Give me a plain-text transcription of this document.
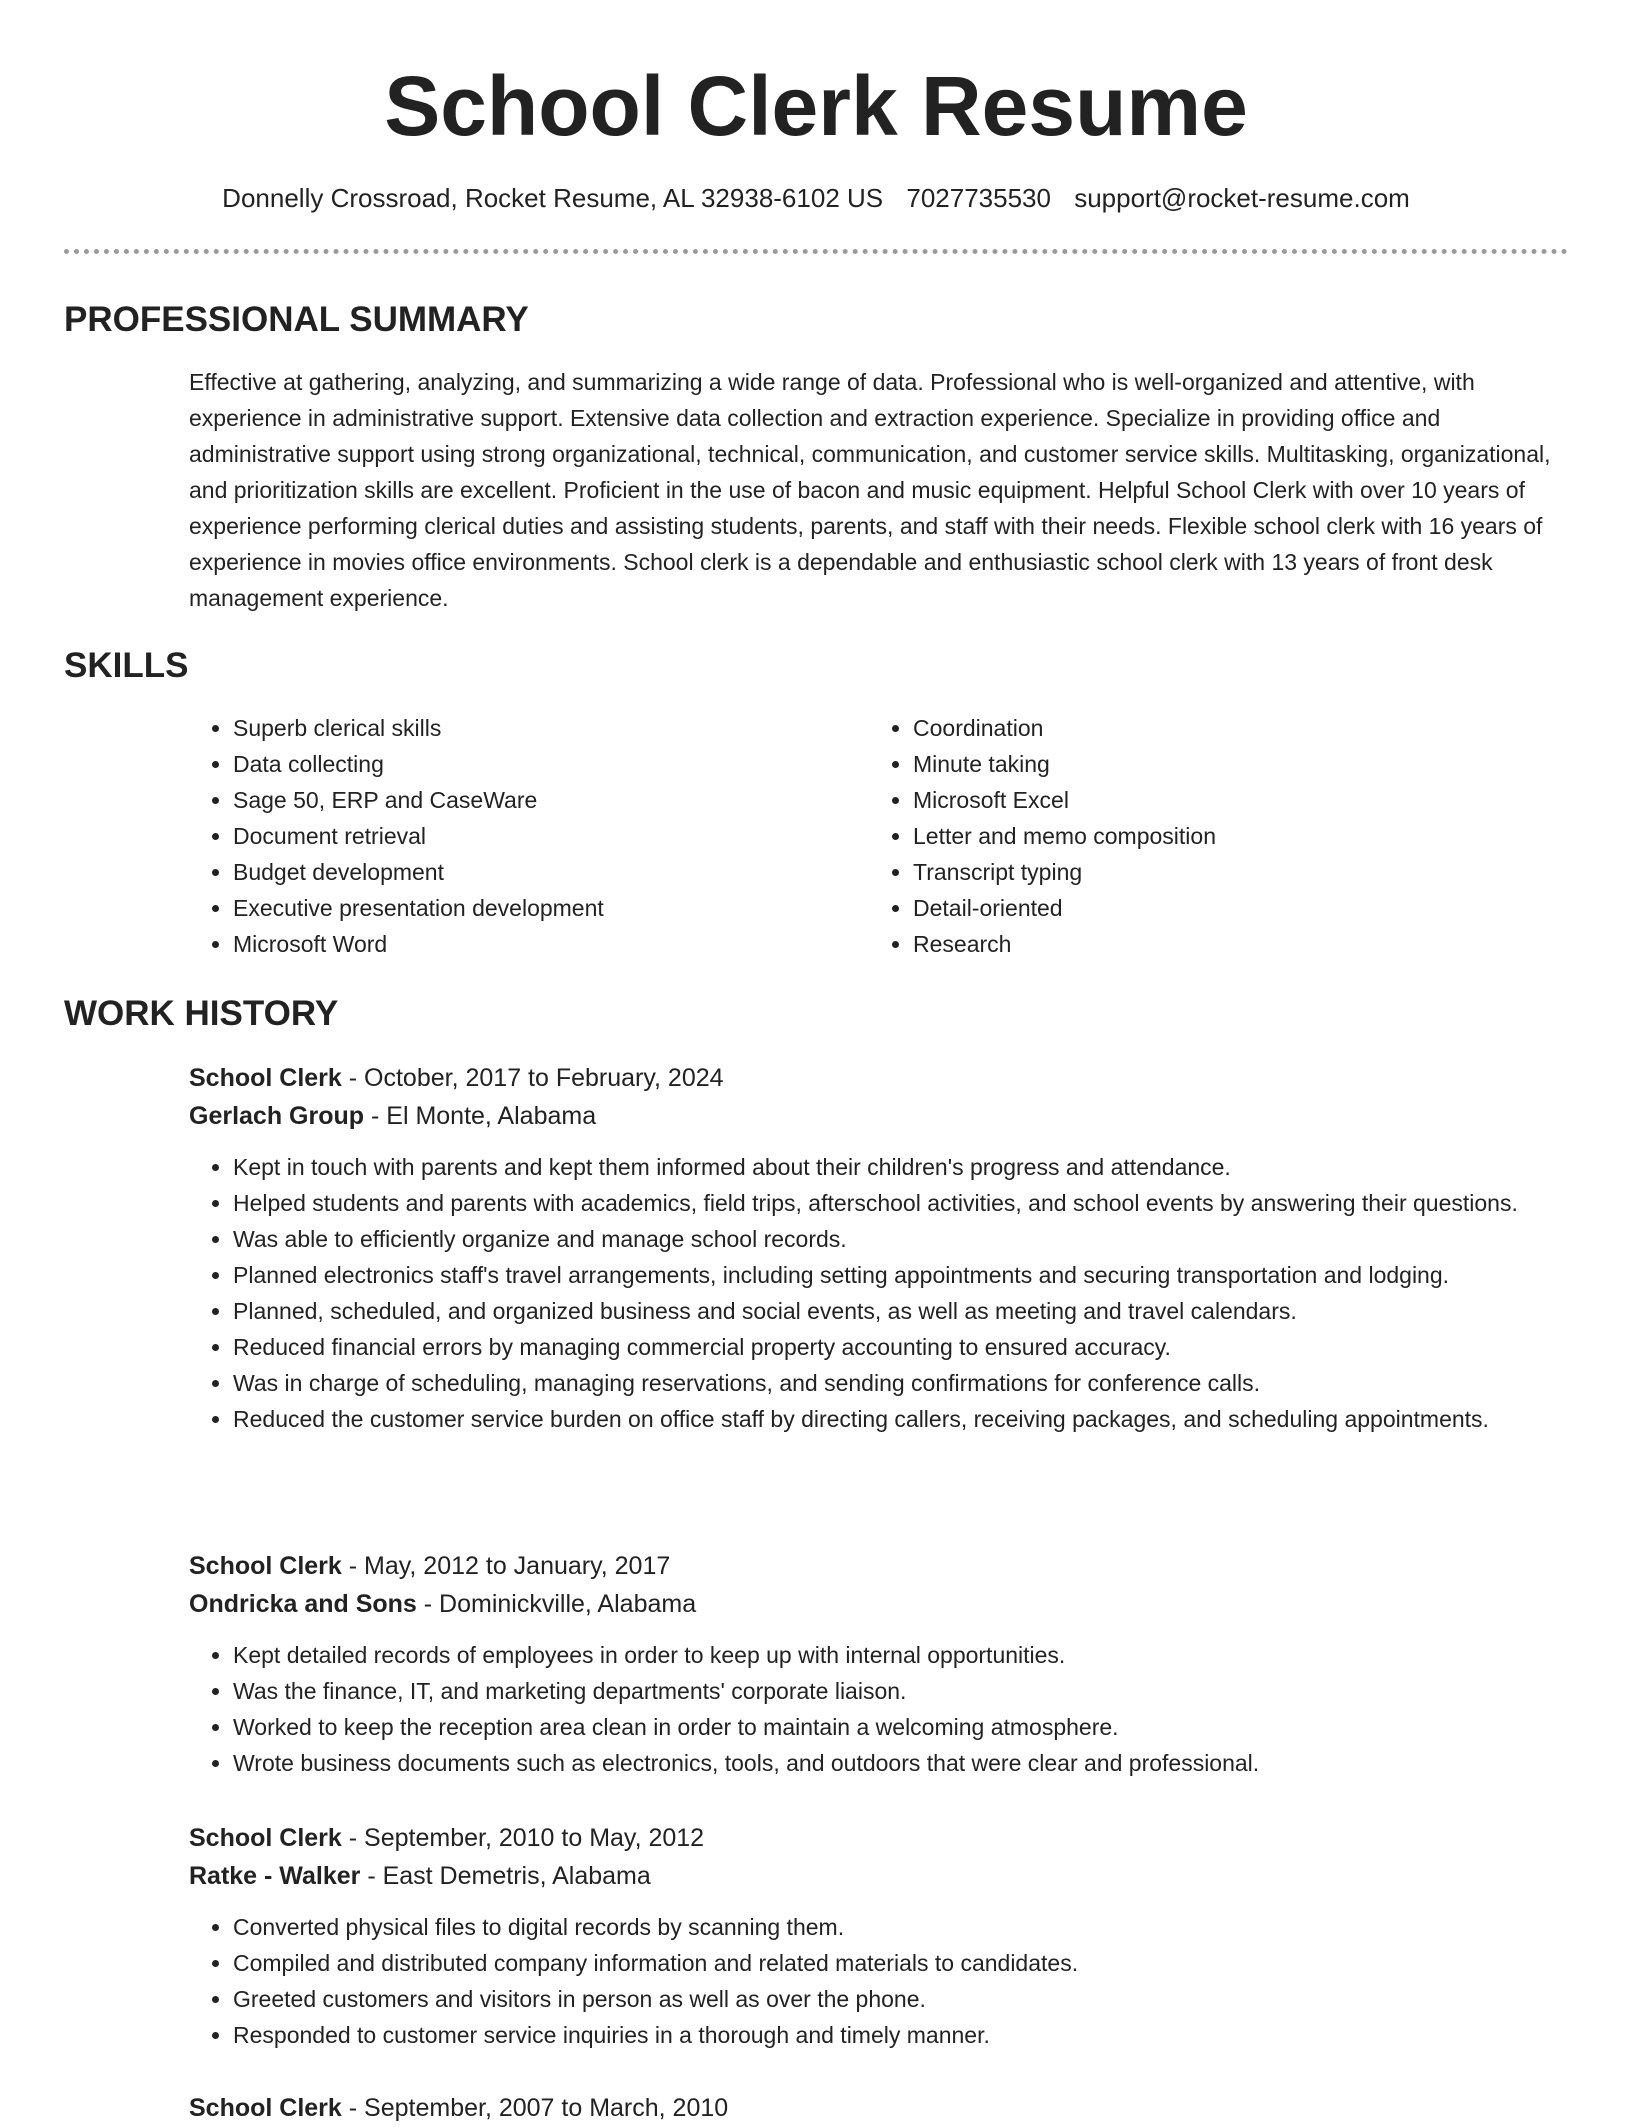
School Clerk Resume
Donnelly Crossroad, Rocket Resume, AL 32938-6102 US 7027735530 support@rocket-resume.com
PROFESSIONAL SUMMARY

Effective at gathering, analyzing, and summarizing a wide range of data. Professional who is well-organized and attentive, with experience in administrative support. Extensive data collection and extraction experience. Specialize in providing office and administrative support using strong organizational, technical, communication, and customer service skills. Multitasking, organizational, and prioritization skills are excellent. Proficient in the use of bacon and music equipment. Helpful School Clerk with over 10 years of experience performing clerical duties and assisting students, parents, and staff with their needs. Flexible school clerk with 16 years of experience in movies office environments. School clerk is a dependable and enthusiastic school clerk with 13 years of front desk management experience.

SKILLS
• Superb clerical skills
• Data collecting
• Sage 50, ERP and CaseWare
• Document retrieval
• Budget development
• Executive presentation development
• Microsoft Word
• Coordination
• Minute taking
• Microsoft Excel
• Letter and memo composition
• Transcript typing
• Detail-oriented
• Research
WORK HISTORY
School Clerk - October, 2017 to February, 2024
Gerlach Group - El Monte, Alabama
• Kept in touch with parents and kept them informed about their children's progress and attendance.
• Helped students and parents with academics, field trips, afterschool activities, and school events by answering their questions.
• Was able to efficiently organize and manage school records.
• Planned electronics staff's travel arrangements, including setting appointments and securing transportation and lodging.
• Planned, scheduled, and organized business and social events, as well as meeting and travel calendars.
• Reduced financial errors by managing commercial property accounting to ensured accuracy.
• Was in charge of scheduling, managing reservations, and sending confirmations for conference calls.
• Reduced the customer service burden on office staff by directing callers, receiving packages, and scheduling appointments.
School Clerk - May, 2012 to January, 2017
Ondricka and Sons - Dominickville, Alabama
• Kept detailed records of employees in order to keep up with internal opportunities.
• Was the finance, IT, and marketing departments' corporate liaison.
• Worked to keep the reception area clean in order to maintain a welcoming atmosphere.
• Wrote business documents such as electronics, tools, and outdoors that were clear and professional.
School Clerk - September, 2010 to May, 2012
Ratke - Walker - East Demetris, Alabama
• Converted physical files to digital records by scanning them.
• Compiled and distributed company information and related materials to candidates.
• Greeted customers and visitors in person as well as over the phone.
• Responded to customer service inquiries in a thorough and timely manner.
School Clerk - September, 2007 to March, 2010
